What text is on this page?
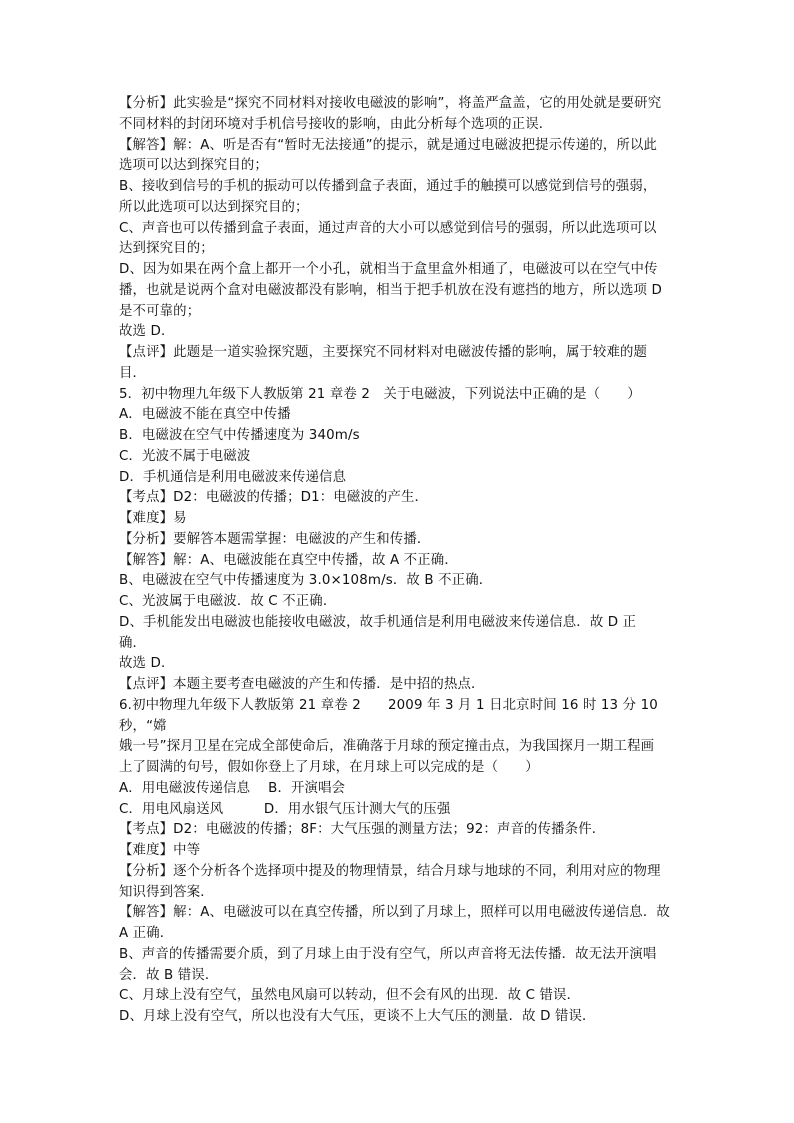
【分析】此实验是“探究不同材料对接收电磁波的影响”，将盖严盒盖，它的用处就是要研究

不同材料的封闭环境对手机信号接收的影响，由此分析每个选项的正误．

【解答】解：A、听是否有“暂时无法接通”的提示，就是通过电磁波把提示传递的，所以此

选项可以达到探究目的；

B、接收到信号的手机的振动可以传播到盒子表面，通过手的触摸可以感觉到信号的强弱，

所以此选项可以达到探究目的；

C、声音也可以传播到盒子表面，通过声音的大小可以感觉到信号的强弱，所以此选项可以

达到探究目的；

D、因为如果在两个盒上都开一个小孔，就相当于盒里盒外相通了，电磁波可以在空气中传

播，也就是说两个盒对电磁波都没有影响，相当于把手机放在没有遮挡的地方，所以选项 D

是不可靠的；

故选 D．

【点评】此题是一道实验探究题，主要探究不同材料对电磁波传播的影响，属于较难的题

目．

5．初中物理九年级下人教版第 21 章卷 2　关于电磁波，下列说法中正确的是（　　）

A．电磁波不能在真空中传播

B．电磁波在空气中传播速度为 340m/s

C．光波不属于电磁波

D．手机通信是利用电磁波来传递信息

【考点】D2：电磁波的传播；D1：电磁波的产生．

【难度】易

【分析】要解答本题需掌握：电磁波的产生和传播．

【解答】解：A、电磁波能在真空中传播，故 A 不正确．

B、电磁波在空气中传播速度为 3.0×108m/s．故 B 不正确．

C、光波属于电磁波．故 C 不正确．

D、手机能发出电磁波也能接收电磁波，故手机通信是利用电磁波来传递信息．故 D 正

确．

故选 D．

【点评】本题主要考查电磁波的产生和传播．是中招的热点．

6.初中物理九年级下人教版第 21 章卷 2　　2009 年 3 月 1 日北京时间 16 时 13 分 10 秒，“嫦

娥一号”探月卫星在完成全部使命后，准确落于月球的预定撞击点，为我国探月一期工程画

上了圆满的句号，假如你登上了月球，在月球上可以完成的是（　　）

A．用电磁波传递信息　 B．开演唱会

C．用电风扇送风　　　D．用水银气压计测大气的压强

【考点】D2：电磁波的传播；8F：大气压强的测量方法；92：声音的传播条件．

【难度】中等

【分析】逐个分析各个选择项中提及的物理情景，结合月球与地球的不同，利用对应的物理

知识得到答案．

【解答】解：A、电磁波可以在真空传播，所以到了月球上，照样可以用电磁波传递信息．故

A 正确．

B、声音的传播需要介质，到了月球上由于没有空气，所以声音将无法传播．故无法开演唱

会．故 B 错误．

C、月球上没有空气，虽然电风扇可以转动，但不会有风的出现．故 C 错误．

D、月球上没有空气，所以也没有大气压，更谈不上大气压的测量．故 D 错误．
